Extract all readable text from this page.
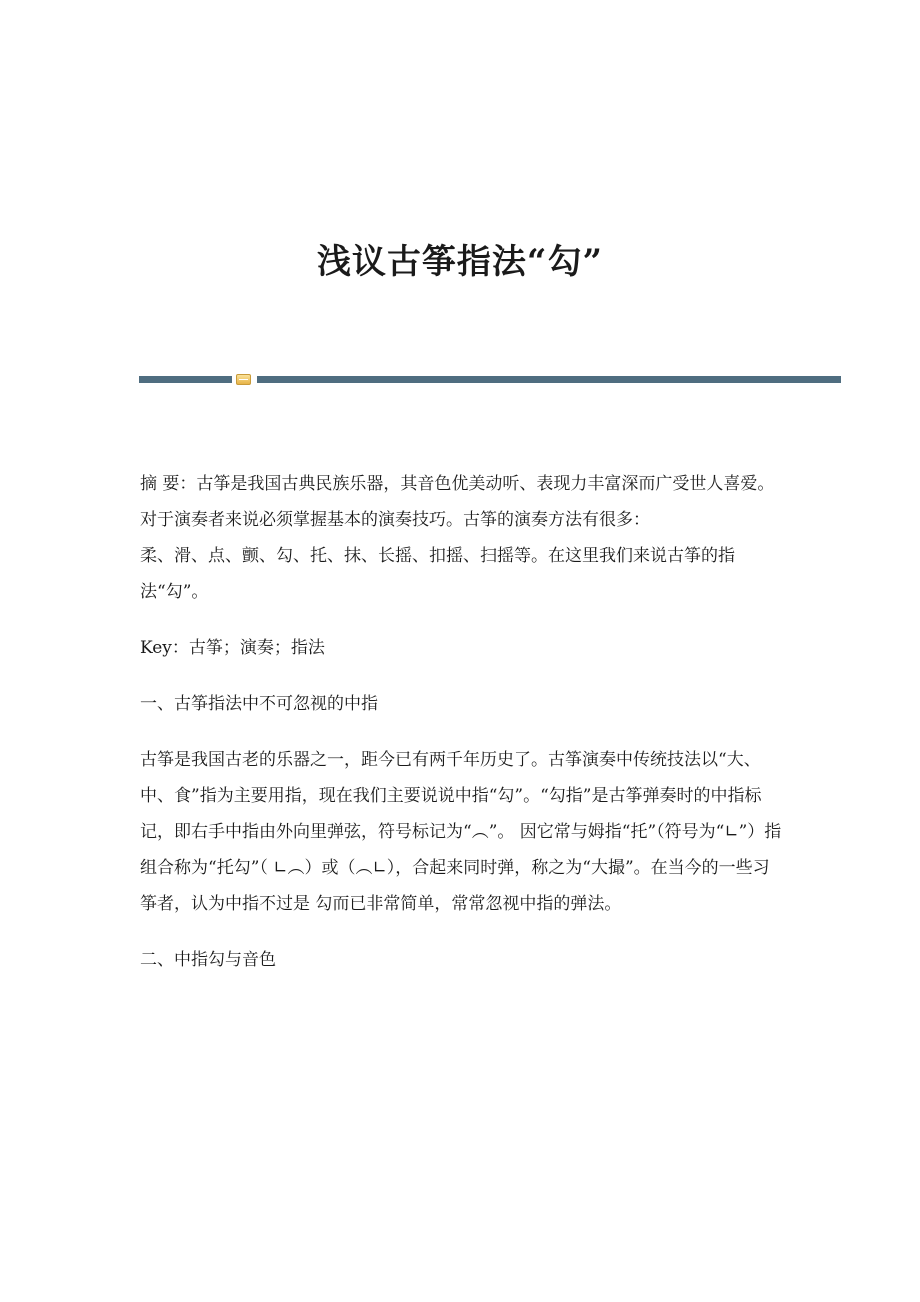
浅议古筝指法“勾”

摘 要：古筝是我国古典民族乐器，其音色优美动听、表现力丰富深而广受世人喜爱。对于演奏者来说必须掌握基本的演奏技巧。古筝的演奏方法有很多：
柔、滑、点、颤、勾、托、抹、长摇、扣摇、扫摇等。在这里我们来说古筝的指法“勾”。

Key：古筝；演奏；指法

一、古筝指法中不可忽视的中指

古筝是我国古老的乐器之一，距今已有两千年历史了。古筝演奏中传统技法以“大、中、食”指为主要用指，现在我们主要说说中指“勾”。“勾指”是古筝弹奏时的中指标记，即右手中指由外向里弹弦，符号标记为“︵”。 因它常与姆指“托”（符号为“∟”）指组合称为“托勾”（ ∟︵）或（︵∟），合起来同时弹，称之为“大撮”。在当今的一些习筝者，认为中指不过是 勾而已非常简单，常常忽视中指的弹法。

二、中指勾与音色
